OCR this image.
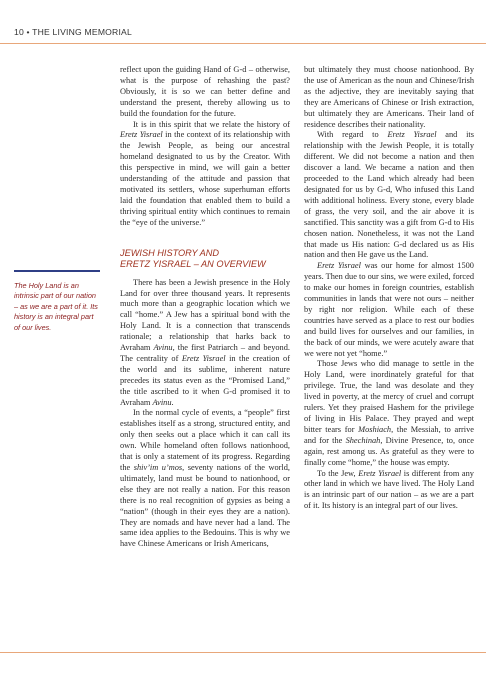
10 • THE LIVING MEMORIAL

The Holy Land is an intrinsic part of our nation – as we are a part of it. Its history is an integral part of our lives.

reflect upon the guiding Hand of G-d – otherwise, what is the purpose of rehashing the past? Obviously, it is so we can better define and understand the present, thereby allowing us to build the foundation for the future.

It is in this spirit that we relate the history of Eretz Yisrael in the context of its relationship with the Jewish People, as being our ancestral homeland designated to us by the Creator. With this perspective in mind, we will gain a better understanding of the attitude and passion that motivated its settlers, whose superhuman efforts laid the foundation that enabled them to build a thriving spiritual entity which continues to remain the “eye of the universe.”

JEWISH HISTORY AND
ERETZ YISRAEL – AN OVERVIEW

There has been a Jewish presence in the Holy Land for over three thousand years. It represents much more than a geographic location which we call “home.” A Jew has a spiritual bond with the Holy Land. It is a connection that transcends rationale; a relationship that harks back to Avraham Avinu, the first Patriarch – and beyond. The centrality of Eretz Yisrael in the creation of the world and its sublime, inherent nature precedes its status even as the “Promised Land,” the title ascribed to it when G-d promised it to Avraham Avinu.

In the normal cycle of events, a “people” first establishes itself as a strong, structured entity, and only then seeks out a place which it can call its own. While homeland often follows nationhood, that is only a statement of its progress. Regarding the shiv’im u’mos, seventy nations of the world, ultimately, land must be bound to nationhood, or else they are not really a nation. For this reason there is no real recognition of gypsies as being a “nation” (though in their eyes they are a nation). They are nomads and have never had a land. The same idea applies to the Bedouins. This is why we have Chinese Americans or Irish Americans,

but ultimately they must choose nationhood. By the use of American as the noun and Chinese/Irish as the adjective, they are inevitably saying that they are Americans of Chinese or Irish extraction, but ultimately they are Americans. Their land of residence describes their nationality.

With regard to Eretz Yisrael and its relationship with the Jewish People, it is totally different. We did not become a nation and then discover a land. We became a nation and then proceeded to the Land which already had been designated for us by G-d, Who infused this Land with additional holiness. Every stone, every blade of grass, the very soil, and the air above it is sanctified. This sanctity was a gift from G-d to His chosen nation. Nonetheless, it was not the Land that made us His nation: G-d declared us as His nation and then He gave us the Land.

Eretz Yisrael was our home for almost 1500 years. Then due to our sins, we were exiled, forced to make our homes in foreign countries, establish communities in lands that were not ours – neither by right nor religion. While each of these countries have served as a place to rest our bodies and build lives for ourselves and our families, in the back of our minds, we were acutely aware that we were not yet “home.”

Those Jews who did manage to settle in the Holy Land, were inordinately grateful for that privilege. True, the land was desolate and they lived in poverty, at the mercy of cruel and corrupt rulers. Yet they praised Hashem for the privilege of living in His Palace. They prayed and wept bitter tears for Moshiach, the Messiah, to arrive and for the Shechinah, Divine Presence, to, once again, rest among us. As grateful as they were to finally come “home,” the house was empty.

To the Jew, Eretz Yisrael is different from any other land in which we have lived. The Holy Land is an intrinsic part of our nation – as we are a part of it. Its history is an integral part of our lives.
